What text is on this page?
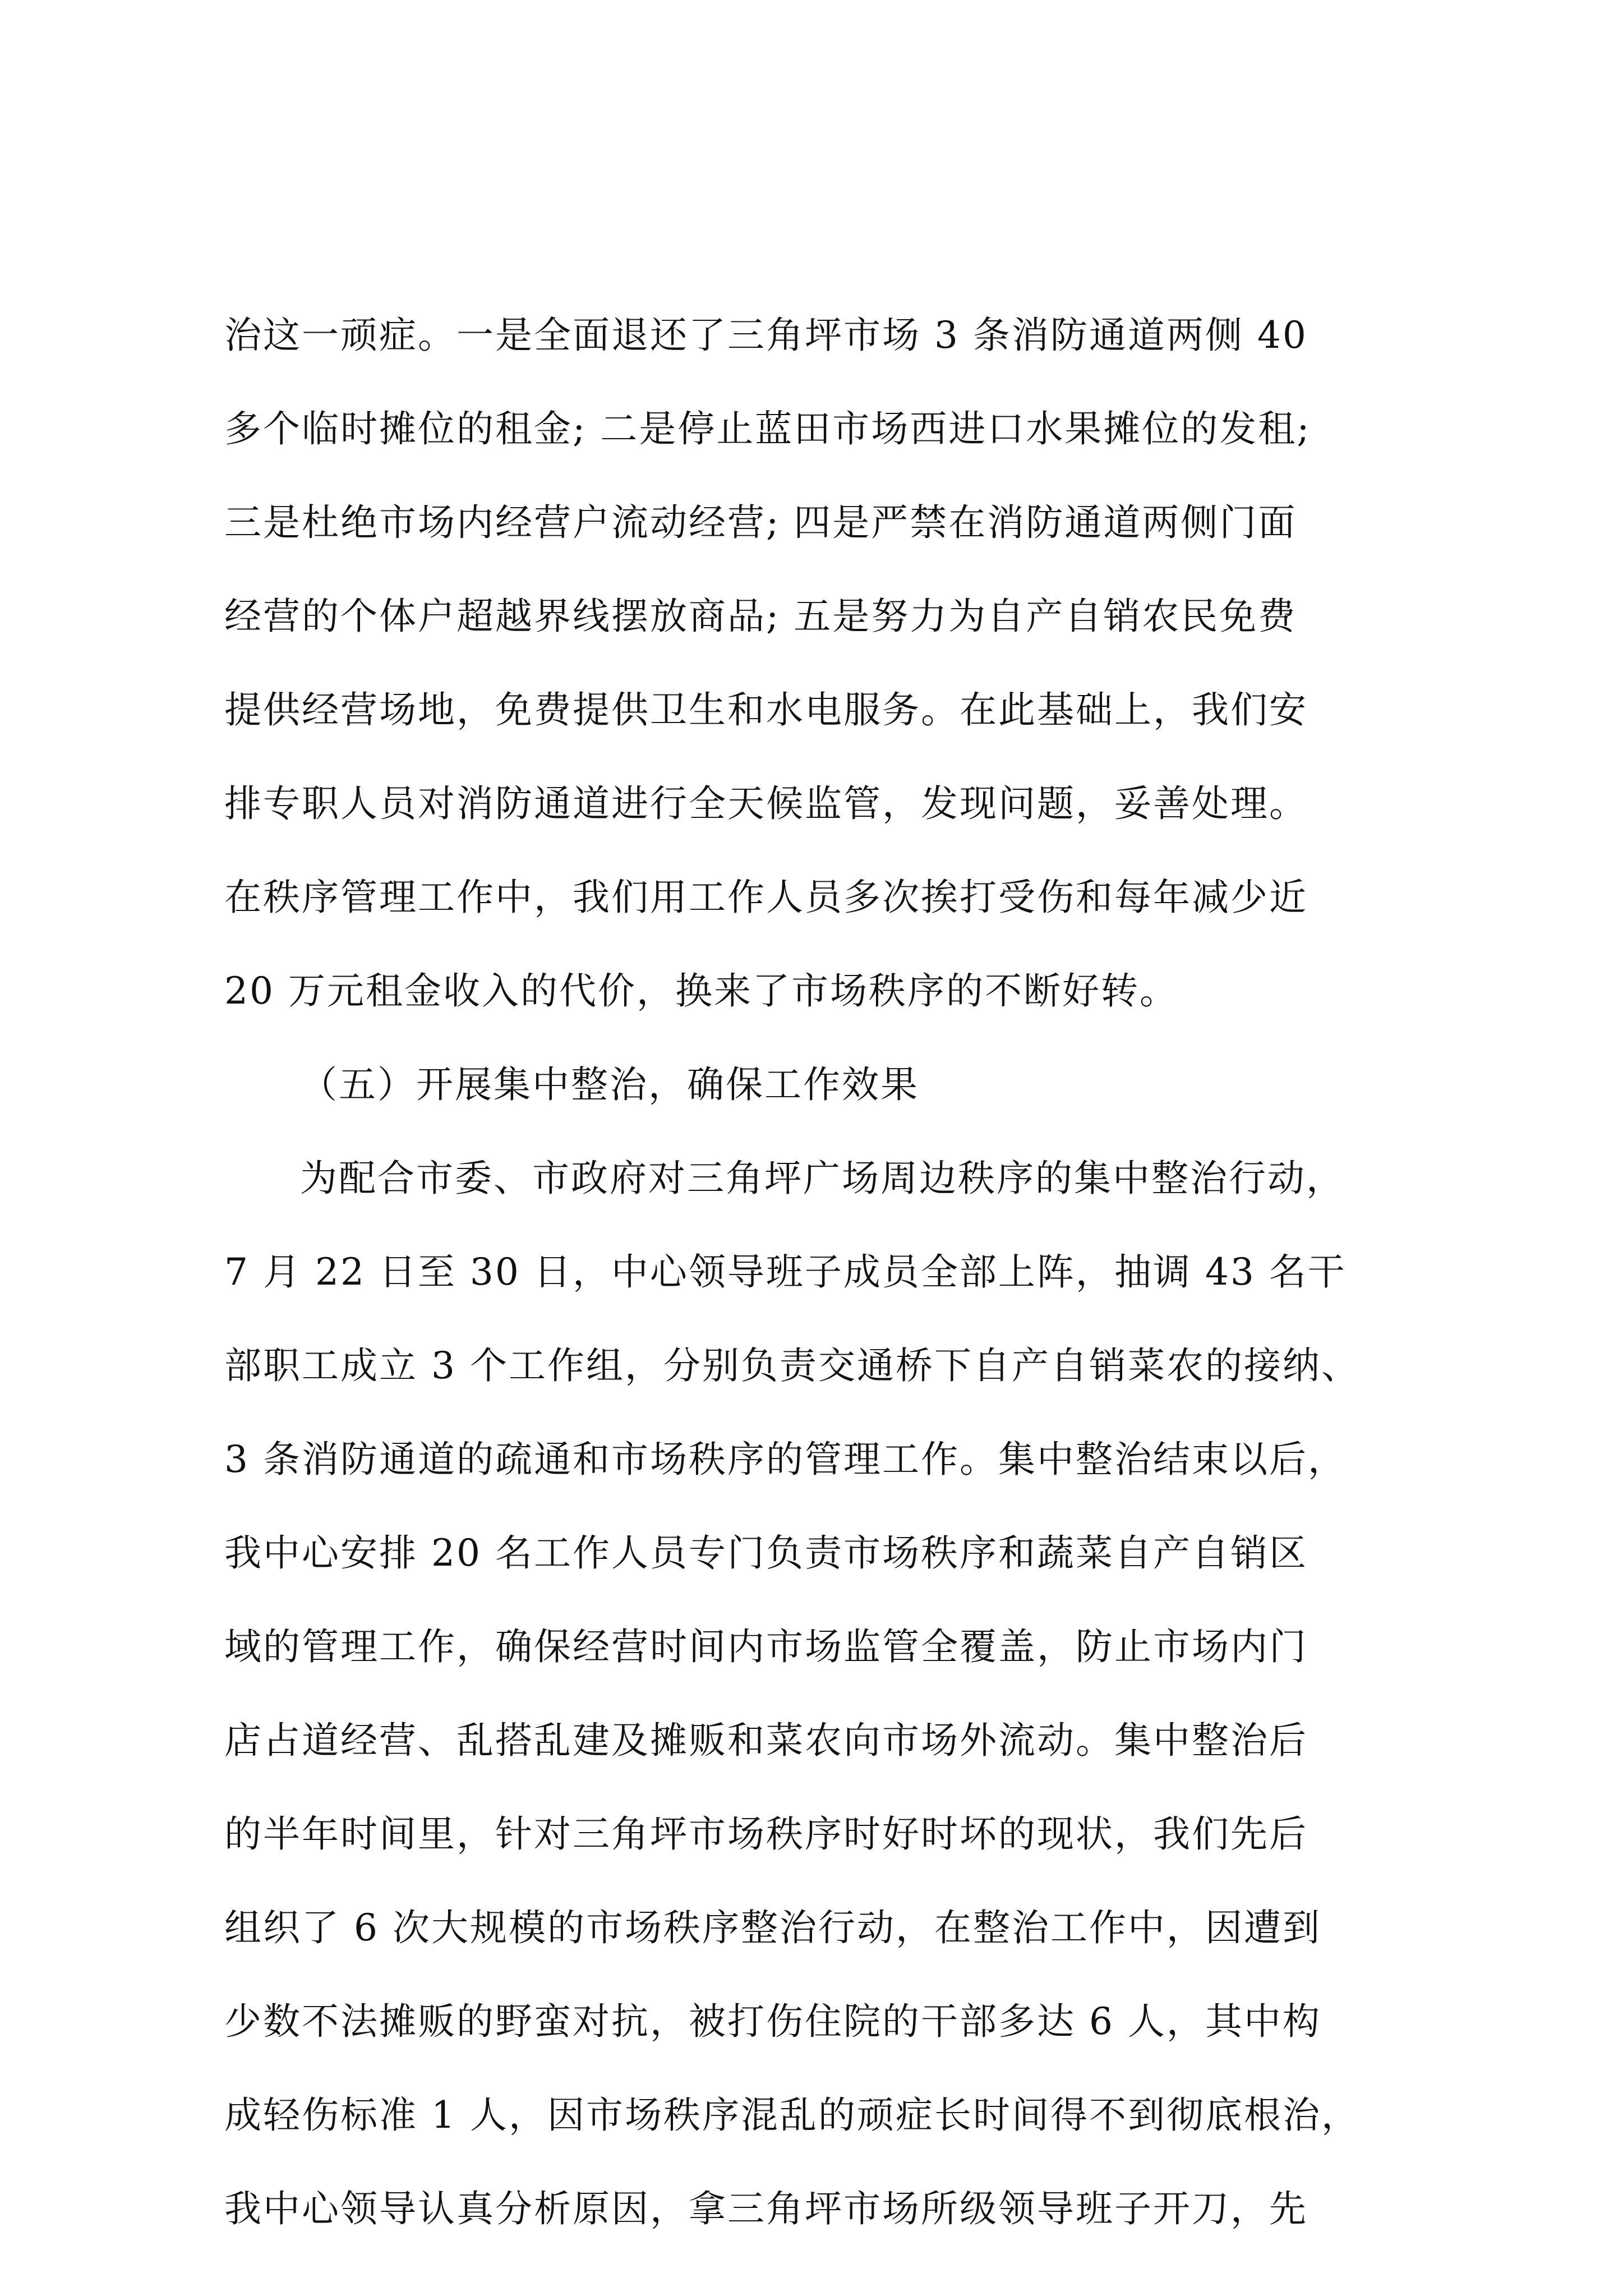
治这一顽症。一是全面退还了三角坪市场 3 条消防通道两侧 40
多个临时摊位的租金; 二是停止蓝田市场西进口水果摊位的发租;
三是杜绝市场内经营户流动经营; 四是严禁在消防通道两侧门面
经营的个体户超越界线摆放商品; 五是努力为自产自销农民免费
提供经营场地，免费提供卫生和水电服务。在此基础上，我们安
排专职人员对消防通道进行全天候监管，发现问题，妥善处理。
在秩序管理工作中，我们用工作人员多次挨打受伤和每年减少近
20 万元租金收入的代价，换来了市场秩序的不断好转。
（五）开展集中整治，确保工作效果
为配合市委、市政府对三角坪广场周边秩序的集中整治行动，
7 月 22 日至 30 日，中心领导班子成员全部上阵，抽调 43 名干
部职工成立 3 个工作组，分别负责交通桥下自产自销菜农的接纳、
3 条消防通道的疏通和市场秩序的管理工作。集中整治结束以后，
我中心安排 20 名工作人员专门负责市场秩序和蔬菜自产自销区
域的管理工作，确保经营时间内市场监管全覆盖，防止市场内门
店占道经营、乱搭乱建及摊贩和菜农向市场外流动。集中整治后
的半年时间里，针对三角坪市场秩序时好时坏的现状，我们先后
组织了 6 次大规模的市场秩序整治行动，在整治工作中，因遭到
少数不法摊贩的野蛮对抗，被打伤住院的干部多达 6 人，其中构
成轻伤标准 1 人，因市场秩序混乱的顽症长时间得不到彻底根治，
我中心领导认真分析原因，拿三角坪市场所级领导班子开刀，先
